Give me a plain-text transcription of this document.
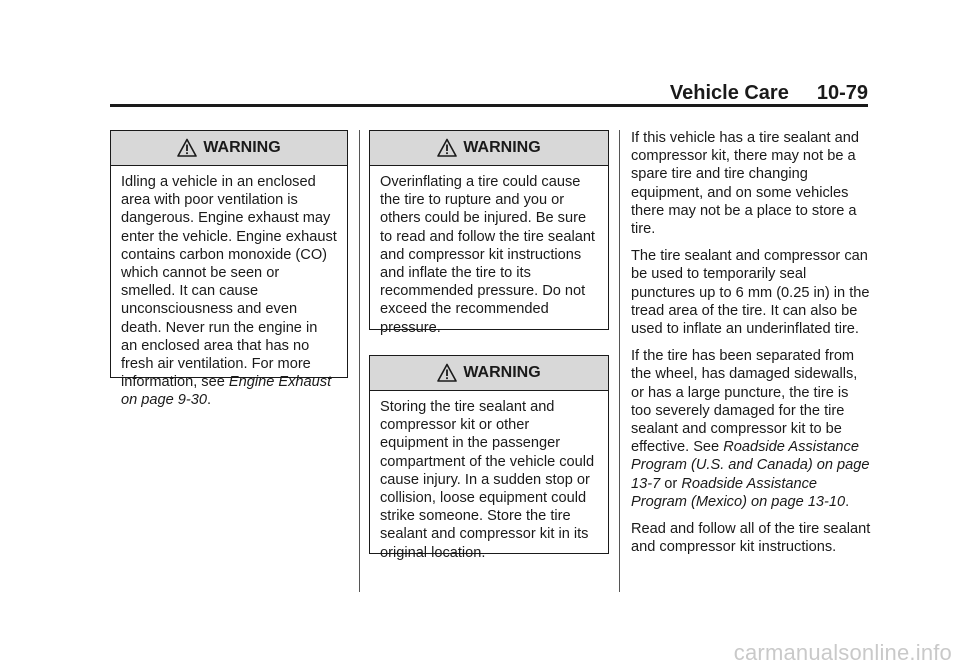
Vehicle Care 10-79
WARNING
Idling a vehicle in an enclosed area with poor ventilation is dangerous. Engine exhaust may enter the vehicle. Engine exhaust contains carbon monoxide (CO) which cannot be seen or smelled. It can cause unconsciousness and even death. Never run the engine in an enclosed area that has no fresh air ventilation. For more information, see Engine Exhaust on page 9-30.
WARNING
Overinflating a tire could cause the tire to rupture and you or others could be injured. Be sure to read and follow the tire sealant and compressor kit instructions and inflate the tire to its recommended pressure. Do not exceed the recommended pressure.
WARNING
Storing the tire sealant and compressor kit or other equipment in the passenger compartment of the vehicle could cause injury. In a sudden stop or collision, loose equipment could strike someone. Store the tire sealant and compressor kit in its original location.

If this vehicle has a tire sealant and compressor kit, there may not be a spare tire and tire changing equipment, and on some vehicles there may not be a place to store a tire.

The tire sealant and compressor can be used to temporarily seal punctures up to 6 mm (0.25 in) in the tread area of the tire. It can also be used to inflate an underinflated tire.

If the tire has been separated from the wheel, has damaged sidewalls, or has a large puncture, the tire is too severely damaged for the tire sealant and compressor kit to be effective. See Roadside Assistance Program (U.S. and Canada) on page 13-7 or Roadside Assistance Program (Mexico) on page 13-10.

Read and follow all of the tire sealant and compressor kit instructions.

carmanualsonline.info
